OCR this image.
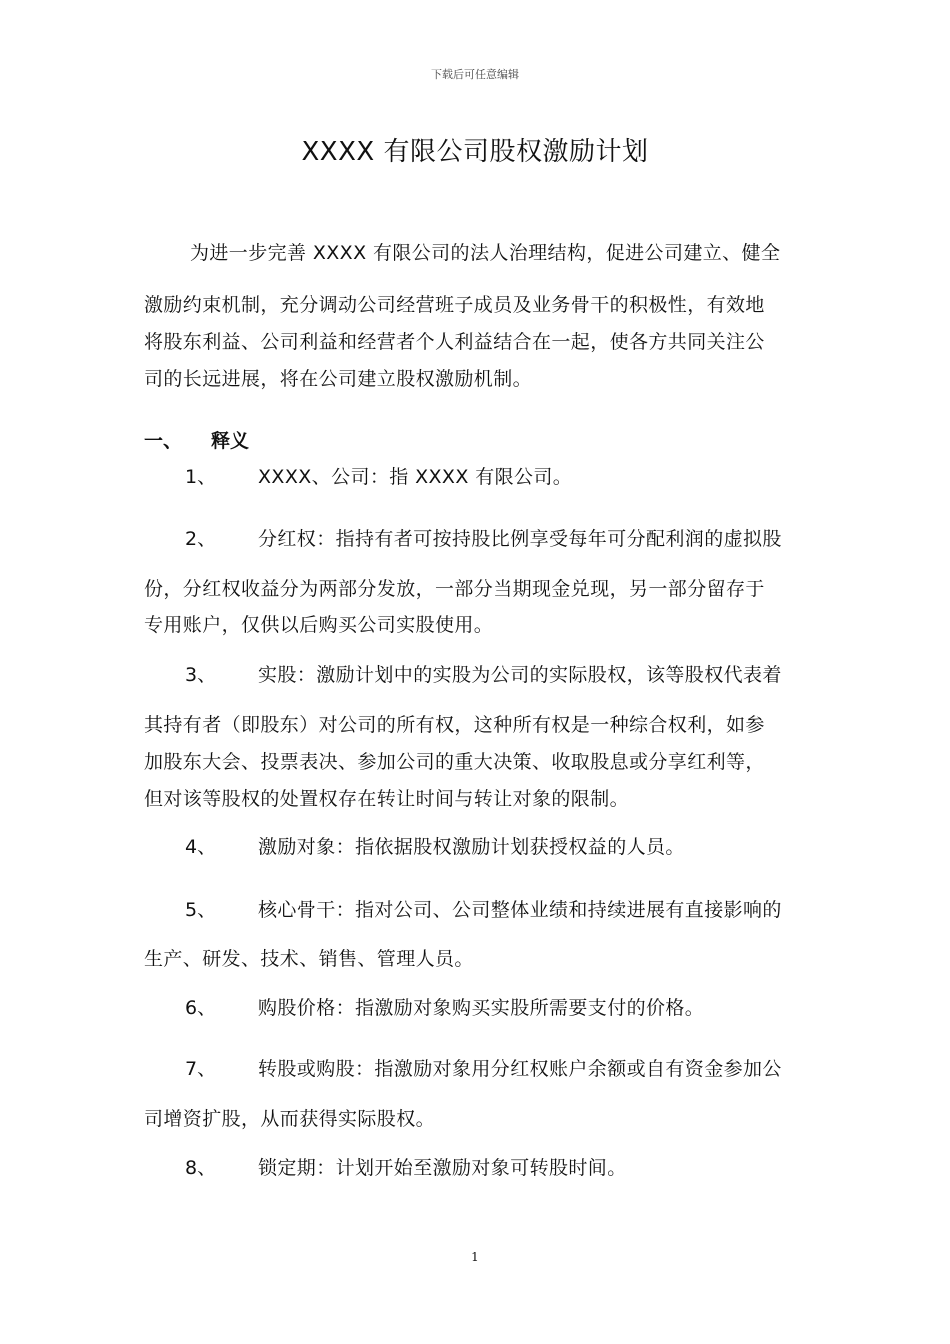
下载后可任意编辑
XXXX 有限公司股权激励计划
为进一步完善 XXXX 有限公司的法人治理结构，促进公司建立、健全
激励约束机制，充分调动公司经营班子成员及业务骨干的积极性，有效地
将股东利益、公司利益和经营者个人利益结合在一起，使各方共同关注公
司的长远进展，将在公司建立股权激励机制。
一、 释义
1、 XXXX、公司：指 XXXX 有限公司。
2、 分红权：指持有者可按持股比例享受每年可分配利润的虚拟股
份，分红权收益分为两部分发放，一部分当期现金兑现，另一部分留存于
专用账户，仅供以后购买公司实股使用。
3、 实股：激励计划中的实股为公司的实际股权，该等股权代表着
其持有者（即股东）对公司的所有权，这种所有权是一种综合权利，如参
加股东大会、投票表决、参加公司的重大决策、收取股息或分享红利等，
但对该等股权的处置权存在转让时间与转让对象的限制。
4、 激励对象：指依据股权激励计划获授权益的人员。
5、 核心骨干：指对公司、公司整体业绩和持续进展有直接影响的
生产、研发、技术、销售、管理人员。
6、 购股价格：指激励对象购买实股所需要支付的价格。
7、 转股或购股：指激励对象用分红权账户余额或自有资金参加公
司增资扩股，从而获得实际股权。
8、 锁定期：计划开始至激励对象可转股时间。
1
